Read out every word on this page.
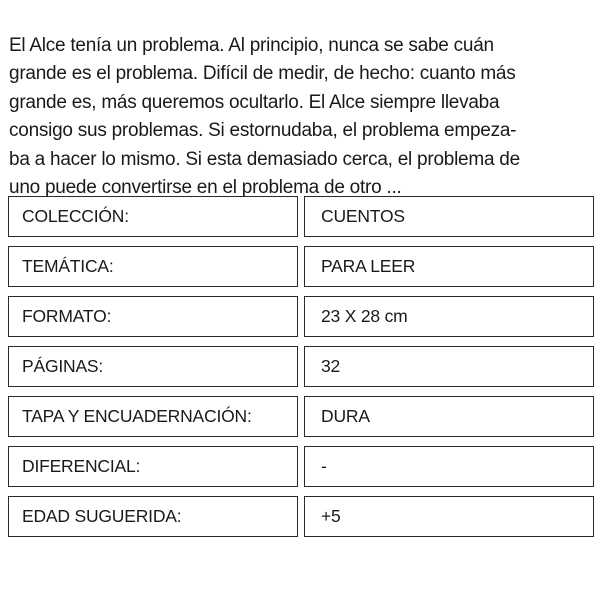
El Alce tenía un problema. Al principio, nunca se sabe cuán
grande es el problema. Difícil de medir, de hecho: cuanto más
grande es, más queremos ocultarlo. El Alce siempre llevaba
consigo sus problemas. Si estornudaba, el problema empeza-
ba a hacer lo mismo. Si esta demasiado cerca, el problema de
uno puede convertirse en el problema de otro ...

COLECCIÓN:	CUENTOS
TEMÁTICA:	PARA LEER
FORMATO:	23 X 28 cm
PÁGINAS:	32
TAPA Y ENCUADERNACIÓN:	DURA
DIFERENCIAL:	-
EDAD SUGUERIDA:	+5
